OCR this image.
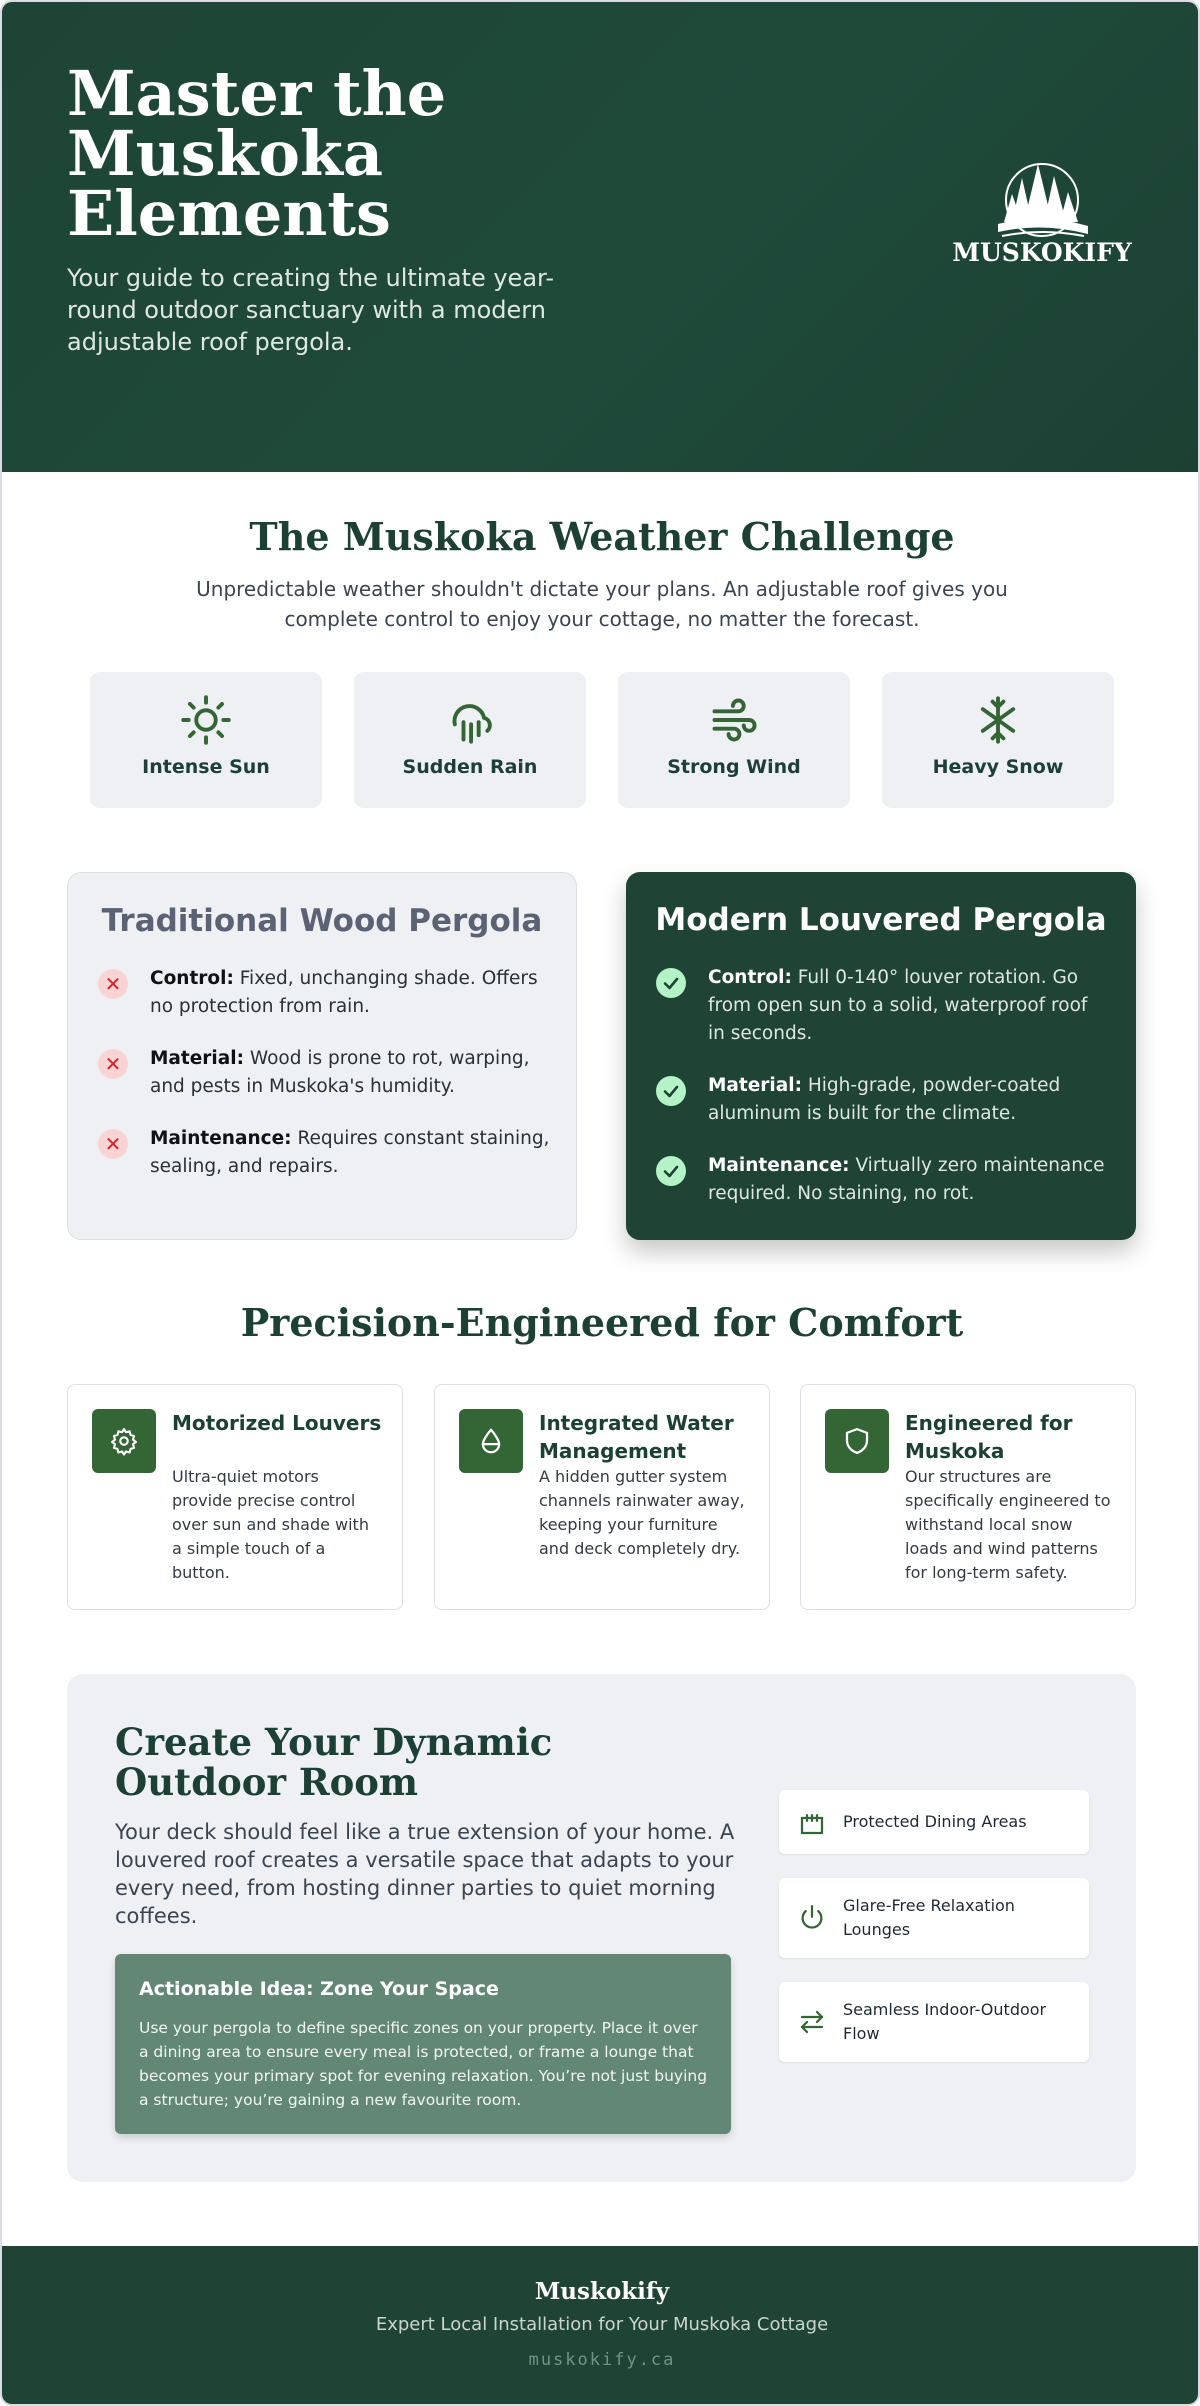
Master the Muskoka Elements

Your guide to creating the ultimate year-round outdoor sanctuary with a modern adjustable roof pergola.

MUSKOKIFY
The Muskoka Weather Challenge

Unpredictable weather shouldn't dictate your plans. An adjustable roof gives you complete control to enjoy your cottage, no matter the forecast.

Intense Sun	Sudden Rain	Strong Wind	Heavy Snow
Traditional Wood Pergola
✕	Control: Fixed, unchanging shade. Offers no protection from rain.

✕	Material: Wood is prone to rot, warping, and pests in Muskoka's humidity.

✕	Maintenance: Requires constant staining, sealing, and repairs.

Modern Louvered Pergola

Control: Full 0-140° louver rotation. Go from open sun to a solid, waterproof roof in seconds.

Material: High-grade, powder-coated aluminum is built for the climate.

Maintenance: Virtually zero maintenance required. No staining, no rot.

Precision-Engineered for Comfort
Motorized Louvers
Ultra-quiet motors provide precise control over sun and shade with a simple touch of a button.
Integrated Water Management
A hidden gutter system channels rainwater away, keeping your furniture and deck completely dry.
Engineered for Muskoka
Our structures are specifically engineered to withstand local snow loads and wind patterns for long-term safety.
Create Your Dynamic Outdoor Room

Your deck should feel like a true extension of your home. A louvered roof creates a versatile space that adapts to your every need, from hosting dinner parties to quiet morning coffees.

Actionable Idea: Zone Your Space
Use your pergola to define specific zones on your property. Place it over a dining area to ensure every meal is protected, or frame a lounge that becomes your primary spot for evening relaxation. You’re not just buying a structure; you’re gaining a new favourite room.
Protected Dining Areas
Glare-Free Relaxation Lounges
Seamless Indoor-Outdoor Flow
Muskokify
Expert Local Installation for Your Muskoka Cottage
muskokify.ca
